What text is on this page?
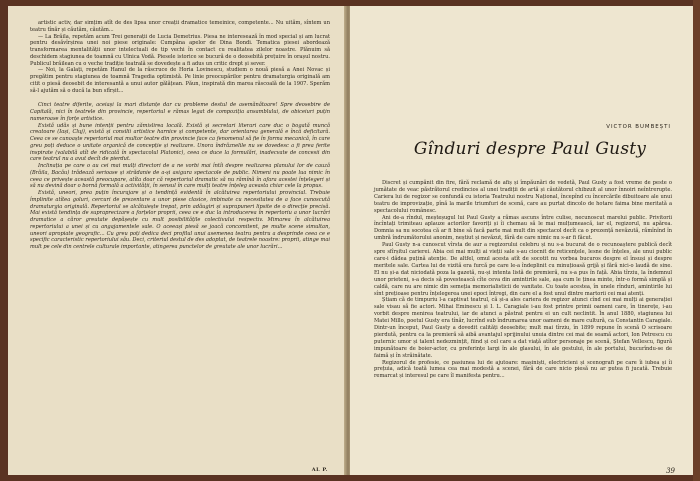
artistic activ, dar simțim atît de des lipsa unor creații dramatice temeinice, competente... Nu uităm, sîntem un teatru tînăr și căutăm, căutăm...

— La Brăila, repetăm acum Trei generații de Lucia Demetrius. Piesa ne interesează în mod special și am lucrat pentru desăvîrșirea unei noi piese originale: Cumpăna apelor de Dina Bondi. Tematica piesei abordează transformarea mentalității unor intelectuali de tip vechi în contact cu realitatea zilelor noastre. Plănuim să deschidem stagiunea de toamnă cu Ulnica Vodă. Piesele istorice se bucură de o deosebită prețuire în orașul nostru. Publicul brăilean cu o veche tradiție teatrală se dovedește a fi adus un critic drept și sever.

— Noi, la Galați, repetăm Hanul de la răscruce de Horia Lovinescu, studiem o nouă piesă a Anei Novac și pregătim pentru stagiunea de toamnă Tragedia optimistă. Pe linie preocupărilor pentru dramaturgia originală am citit o piesă deosebit de interesantă a unui autor gălățean. Păun, inspirată din marea răscoală de la 1907. Sperăm să-l ajutăm să o ducă la bun sfîrșit...

Cinci teatre diferite, aceiași la mari distanțe dar cu probleme destul de asemănătoare! Spre deosebire de Capitală, nici în teatrele din provincie, repertoriul e rămas legat de compoziția ansamblului, de obiceiuri puțin numeroase în forțe artistice.

Există udăs și bune intenții pentru zămislirea locală. Există și secretari literari care duc o bogată muncă creatoare (Iași, Cluj), există și consilii artistice harnice și competente, dar orientarea generală e încă deficitară. Ceea ce se cunoaște repertoriul mai multor teatre din provincie face ca fenomenul să fie în forma mecanică, în care greu poți deduce o unitate organică de concepție și realizare. Unora îndrăznelile nu se dovedesc a fi prea ferite inspirate (valabilă atît de ridicată în spectacolul Platonic), ceea ce duce la formulări, inadecvate de concesii din care teatrul nu a avut decît de pierdut.

Inclinația pe care o au cei mai mulți directori de a ne vorbi mai întîi despre realizarea planului lor de cauză (Brăila, Bacău) trădează serioase și strădanie de a-și asigura spectacole de public. Nimeni nu poate lua nimic în ceea ce privește această preocupare, atîta doar că repertoriul dramatic să nu rămînă în afara acestei înțelegeri și să nu devină doar o bornă formală a activității, în sensul în care mulți teatre înțeleg aceasta chiar cele la propus.

Există, uneori, prea puțin încurajare și o tendință evidentă în alcătuirea repertoriului provincial. Trebuie împlinite atîtea goluri, cercuri de prezentare a unor piese clasice, imbinate cu necesitatea de a face cunoscută dramaturgia originală. Repertoriul se alcătuiește trepat, prin adăugiri și suprapuneri lipsite de o direcție precisă. Mai există tendința de supraprecizare a forțelor proprii, ceea ce e duc la introducerea în repertoriu a unor lucrări dramatice a căror greutate depășește cu mult posibilitățile colectivului respectiv. Mimarea în alcătuirea repertoriului a unei și cu angajamentele sale. O aceeași piesă se joacă concomitent, pe multe scene simultan, uneori apropiate geografic... Cu greu poți dedica deci profilul unui asemenea teatru pentru a desprinde ceea ce e specific caracteristic repertoriului său. Deci, criteriul destul de des adoptat, de teatrele noastre: proprii, atinge mai mult pe cele din centrele culturale importante, atingerea punctelor de greutate ale unor lucrări...

AL P.
VICTOR BUMBEȘTI
Gînduri despre Paul Gusty

Discret și cumpănit din fire, fără reclamă de afiș și împăunări de vedetă, Paul Gusty a fost vreme de peste o jumătate de veac păstrătorul credincios al unei tradiții de artă și căutătorul chibzuit al unor înnoiri neîntrerupte. Cariera lui de regizor se confundă cu istoria Teatrului nostru Național, începînd cu încercările dibuitoare ale unui teatru de improvizație, pînă la marile triumfuri de scenă, care au purtat dincolo de hotare faima bine meritată a spectacolului românesc.

Ani de-a rîndul, meșteșugul lui Paul Gusty a rămas ascuns între culise, necunoscut marelui public. Privitorii încîntați trimiteau aplauze actorilor favoriți și îi chemau să le mai mulțumească, iar el, regizorul, nu apărea. Domnia sa nu socotea că ar fi bine să facă parte mai mult din spectacol decît ca o prezență nevăzută, rămînînd în umbră îndrumătorului anonim, neștiut și nevăzut, fără de care nimic nu s-ar fi făcut.

Paul Gusty n-a cunoscut vîrsta de aur a regizorului celebru și nu s-a bucurat de o recunoaștere publică decît spre sfîrșitul carierei. Abia cei mai mulți ai vieții sale s-au ciocnit de reticențele, lesne de înțeles, ale unui public care-i dădea puțină atenție. De altfel, omul acesta atît de socotit nu vorbea bucuros despre el însuși și despre meritele sale. Cartea lui de vizită era furcă pe care le-a îndeplinit cu minuțioasă grijă și fără nici-o laudă de sine. El nu și-a dat niciodată poza la gazetă, nu-și intenta listă de premieră, nu s-a pus în față. Abia tîrziu, la îndemnul unor prieteni, s-a decis să povestească cîte ceva din amintirile sale, așa cum le ținea minte, într-o formă simplă și caldă, care nu are nimic din semeția memorialisticii de vanitate. Cu toate acestea, în unele rînduri, amintirile lui sînt prețioase pentru înțelegerea unei epoci întregi, din care el a fost unul dintre martorii cei mai atenți.

Știam că de timpuriu l-a captivat teatrul, că și-a ales cariera de regizor atunci cînd cei mai mulți ai generației sale visau să fie actori. Mihai Eminescu și I. L. Caragiale i-au fost printre primii oameni care, în tinerețe, i-au vorbit despre menirea teatrului, iar de atunci a păstrat pentru ei un cult neclintit. În anul 1880, stagiunea lui Matei Millo, poetul Gusty era tînăr, lucrînd sub îndrumarea unor oameni de mare cultură, ca Constantin Caragiale. Dintr-un început, Paul Gusty a dovedit calități deosebite; mult mai tîrziu, în 1899 repune în scenă O scrisoare pierdută, pentru ca la premieră să aibă avantajul sprijinului unuia dintre cei mai de seamă actori, Ion Petrescu cu puternic umor și talent nedezmințit, fiind și cel care a dat viață atîtor personaje pe scenă, Ștefan Vellescu, figură impunătoare de boier-actor, cu preferințe largi în ale glasului, în ale gestului, în ale portului, bucurîndu-se de faimă și în străinătate.

Regizorul de profesie, ce pasiunea lui de ajutoare: mașiniști, electricieni și scenografi pe care îi iubea și îi prețuia, adică toată lumea cea mai modestă a scenei, fără de care nicio piesă nu ar putea fi jucată. Trebuie remarcat și interesul pe care îl manifesta pentru...

39
